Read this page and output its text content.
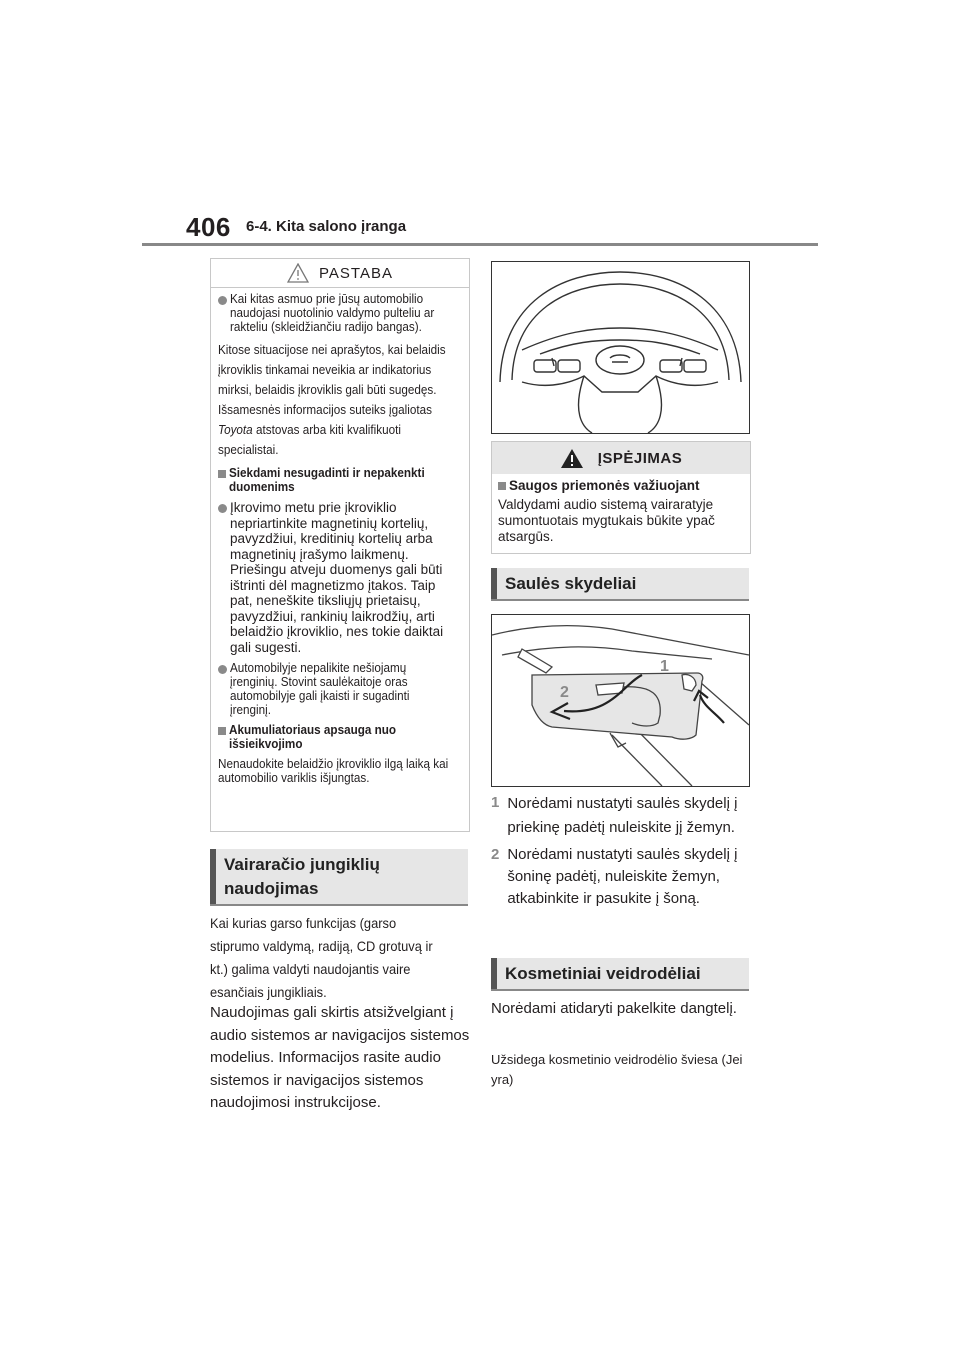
406 6-4. Kita salono įranga
PASTABA
Kai kitas asmuo prie jūsų automobilio naudojasi nuotolinio valdymo pulteliu ar rakteliu (skleidžiančiu radijo bangas).
Kitose situacijose nei aprašytos, kai belaidis įkroviklis tinkamai neveikia ar indikatorius mirksi, belaidis įkroviklis gali būti sugedęs. Išsamesnės informacijos suteiks įgaliotas Toyota atstovas arba kiti kvalifikuoti specialistai.
Siekdami nesugadinti ir nepakenkti duomenims
Įkrovimo metu prie įkroviklio nepriartinkite magnetinių kortelių, pavyzdžiui, kreditinių kortelių arba magnetinių įrašymo laikmenų. Priešingu atveju duomenys gali būti ištrinti dėl magnetizmo įtakos. Taip pat, neneškite tiksliųjų prietaisų, pavyzdžiui, rankinių laikrodžių, arti belaidžio įkroviklio, nes tokie daiktai gali sugesti.
Automobilyje nepalikite nešiojamų įrenginių. Stovint saulėkaitoje oras automobilyje gali įkaisti ir sugadinti įrenginį.
Akumuliatoriaus apsauga nuo išsieikvojimo
Nenaudokite belaidžio įkroviklio ilgą laiką kai automobilio variklis išjungtas.
Vairaračio jungiklių
naudojimas
Kai kurias garso funkcijas (garso stiprumo valdymą, radiją, CD grotuvą ir kt.) galima valdyti naudojantis vaire esančiais jungikliais.
Naudojimas gali skirtis atsižvelgiant į audio sistemos ar navigacijos sistemos modelius. Informacijos rasite audio sistemos ir navigacijos sistemos naudojimosi instrukcijose.
ĮSPĖJIMAS
Saugos priemonės važiuojant
Valdydami audio sistemą vairaratyje sumontuotais mygtukais būkite ypač atsargūs.
Saulės skydeliai
1
2
1 Norėdami nustatyti saulės skydelį į priekinę padėtį nuleiskite jį žemyn.
2 Norėdami nustatyti saulės skydelį į šoninę padėtį, nuleiskite žemyn, atkabinkite ir pasukite į šoną.
Kosmetiniai veidrodėliai
Norėdami atidaryti pakelkite dangtelį.
Užsidega kosmetinio veidrodėlio šviesa (Jei yra)
